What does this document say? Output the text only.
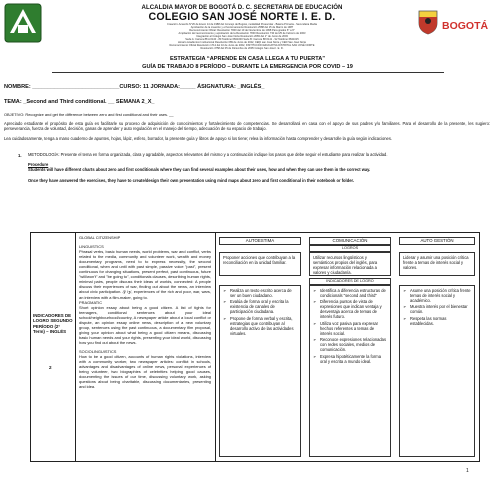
ALCALDIA MAYOR DE BOGOTÁ D. C. SECRETARIA DE EDUCACIÓN
COLEGIO SAN JOSÉ NORTE I. E. D.
Creación: Acuerdo N°26 de Enero 14 de 1988 del Concejo de Bogotá, modalidad Preescolar - Básica Primaria - Secundaria Media
Aprobación de la creación y el funcionamiento Resolución 2588 del 15 de Marzo de 1987
Reconocimiento Oficial: Resolución 7840 del 10 de Noviembre de 1998 Para grados 6° a 9°
Ampliación del reconocimiento y aprobación de la Resolución 7840 Resolución 730 del 25 de Febrero de 2003
Integración al Colegio San José Norte Resolución 2083 del 1° de Junio de 2003
Sede A: Carrera 88 A #140 - 80 Teléfono 6841000 Sede B: Carrera 88 #141 - 92 Teléfono 6841015
Horario Académico Institucional Resolución 089 de Junio de 2022, CEID san José Norte y CED San José Norte
Reconocimiento Oficial Resolución 1712 del 10 de Junio de 2002, INSTITUCIÓN EDUCATIVA DISTRITAL SAN JOSÉ NORTE
Resolución 4758 del 05 de Diciembre de 2005 Colegio San José I. E. D.
BOGOTÁ
ESTRATEGIA “APRENDE EN CASA LLEGA A TU PUERTA”
GUÍA DE TRABAJO 8 PERÍODO – DURANTE LA EMERGENCIA POR COVID – 19
NOMBRE: ____________________________CURSO: 11 JORNADA:_____ ÁSIGNATURA: _INGLÉS_
TEMA: _Second and Third conditional. __ SEMANA 2_X_
OBJETIVO: Recognize and get the difference between zero and first conditional and their uses. __
Apreciado estudiante el propósito de esta guía es facilitarle su proceso de adquisición de conocimientos y fortalecimiento de competencias. Se desarrollará en casa con el apoyo de sus padres y/o familiares. Para el desarrollo de la presente, les sugiero: perseverancia, fuerza de voluntad, decisión, ganas de aprender y auto regulación en el manejo del tiempo, adecuación de su espacio de trabajo.
Lea cuidadosamente, tenga a mano cuaderno de apuntes, hojas, lápiz, esfero, borrador, la presente guía y libros de apoyo si los tiene; relea la información hasta comprender y desarrolle la guía según indicaciones.
1. METODOLOGÍA: Presente el tema en forma organizada, clara y agradable, aspectos relevantes del mismo y a continuación indique los pasos que debe seguir el estudiante para realizar la actividad.
Procedure
Students will have different charts about zero and first conditionals where they can find several examples about their uses, how and when they can use them in the correct way.
Once they have answered the exercises, they have to create/design their own presentation using mind maps about zero and first conditional in their notebook or folder.
INDICADORES DE LOGRO SEGUNDO PERÍODO (2° Term) – INGLÉS
2
GLOBAL CITIZENSHIP
LINGUISTICS
Phrasal verbs, basic human needs, world problems, war and conflict, verbs related to the media, community and volunteer work, wealth and money documentary programs, need to to express necessity, the second conditional, when and until with past simple, passive voice "past", present continuous for changing situations, present perfect, past continuous, future "will/won't" and "be going to", conditionals clauses, describing human rights, minimal pairs, people discuss their ideas of worlds, connected: A people discuss their experiences of war, finding out about the news, an interview about civic participation. /ʃ/ /ʒ/, experiences of the rich and poor, war, wars, an interview with a film-maker, going to.
PRAGMATIC
Short opinion essay about being a good citizen. A list of tights for teenagers, conditional sentences about your ideal school/neighbourhood/country, A newspaper article about a local conflict or dispute, an opinion essay online news, description of a new voluntary group, sentences using the past continuous, a documentary film proposal, giving your opinion about what being a good citizen means, discussing basic human needs and your rights, presenting your ideal world, discussing how you find out about the news.
SOCIOLINGUISTICS
How to be a good citizen, accounts of human rights violations, interview with a community worker, two newspaper articles: conflict in schools, advantages and disadvantages of online news, personal experiences of being volunteer, two biographies of celebrities helping good causes, documenting the issues of our time, discussing voluntary work, asking questions about being charitable, discussing documentaries, presenting and idea.
AUTOESTIMA	COMUNICACIÓN	AUTO GESTIÓN
LOGROS
Proponer acciones que contribuyan a la reconciliación en la unidad familiar.
Utilizar recursos lingüísticos y semánticos propios del inglés, para expresar información relacionada a valores y ciudadanía.
Liderar y asumir una posición crítica frente a temas de interés social y valores.
INDICADORES DE LOGRO
➢ Realiza un texto escrito acerca de ser un buen ciudadano.
➢ Evalúa de forma oral y escrita la existencia de canales de participación ciudadana.
➢ Propone de forma verbal y escrita, estrategias que contribuyan al desarrollo activo de las actividades virtuales.
➢ Identifica a diferencia estructuras de condicionals "second and third"
➢ Diferencia puntos de vista de expresiones que indican ventaja y desventaja acerca de temas de interés futuro.
➢ Utiliza voz pasiva para expresar hechos referentes a temas de interés social.
➢ Reconoce expresiones relacionadas con redes sociales, medios de comunicación.
➢ Expresa hipotéticamente la forma oral y escrita a mundo ideal.
➢ Asume una posición crítica frente temas de interés social y académico.
➢ Muestra interés por el bienestar común.
➢ Respeta las normas establecidas.
1
